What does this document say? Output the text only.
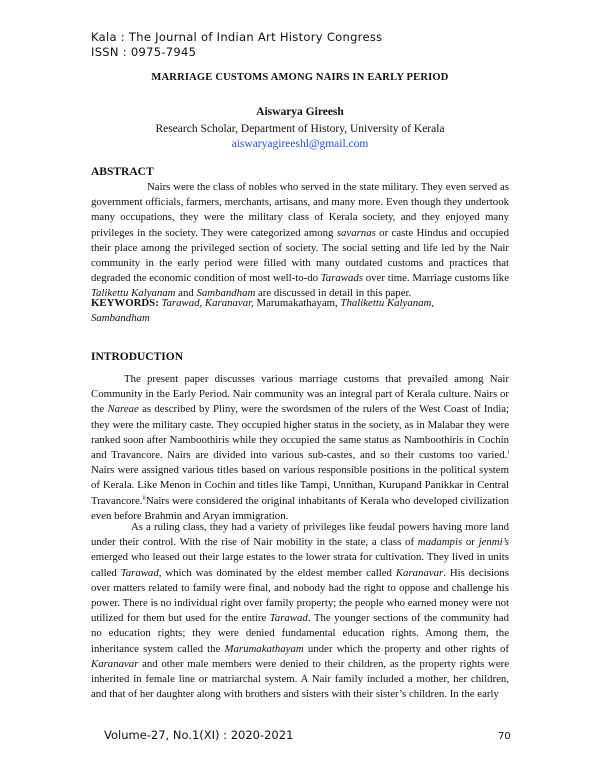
Kala : The Journal of Indian Art History Congress
ISSN : 0975-7945
MARRIAGE CUSTOMS AMONG NAIRS IN EARLY PERIOD
Aiswarya Gireesh
Research Scholar, Department of History, University of Kerala
aiswaryagireeshl@gmail.com
ABSTRACT

Nairs were the class of nobles who served in the state military. They even served as government officials, farmers, merchants, artisans, and many more. Even though they undertook many occupations, they were the military class of Kerala society, and they enjoyed many privileges in the society. They were categorized among savarnas or caste Hindus and occupied their place among the privileged section of society. The social setting and life led by the Nair community in the early period were filled with many outdated customs and practices that degraded the economic condition of most well-to-do Tarawads over time. Marriage customs like Talikettu Kalyanam and Sambandham are discussed in detail in this paper.

KEYWORDS: Tarawad, Karanavar, Marumakathayam, Thalikettu Kalyanam,
Sambandham

INTRODUCTION

The present paper discusses various marriage customs that prevailed among Nair Community in the Early Period. Nair community was an integral part of Kerala culture. Nairs or the Nareae as described by Pliny, were the swordsmen of the rulers of the West Coast of India; they were the military caste. They occupied higher status in the society, as in Malabar they were ranked soon after Namboothiris while they occupied the same status as Namboothiris in Cochin and Travancore. Nairs are divided into various sub-castes, and so their customs too varied.$^i$ Nairs were assigned various titles based on various responsible positions in the political system of Kerala. Like Menon in Cochin and titles like Tampi, Unnithan, Kurupand Panikkar in Central Travancore.$^{ii}$Nairs were considered the original inhabitants of Kerala who developed civilization even before Brahmin and Aryan immigration.

As a ruling class, they had a variety of privileges like feudal powers having more land under their control. With the rise of Nair mobility in the state, a class of madampis or jenmi’s emerged who leased out their large estates to the lower strata for cultivation. They lived in units called Tarawad, which was dominated by the eldest member called Karanavar. His decisions over matters related to family were final, and nobody had the right to oppose and challenge his power. There is no individual right over family property; the people who earned money were not utilized for them but used for the entire Tarawad. The younger sections of the community had no education rights; they were denied fundamental education rights. Among them, the inheritance system called the Marumakathayam under which the property and other rights of Karanavar and other male members were denied to their children, as the property rights were inherited in female line or matriarchal system. A Nair family included a mother, her children, and that of her daughter along with brothers and sisters with their sister’s children. In the early

Volume-27, No.1(XI) : 2020-2021	70
